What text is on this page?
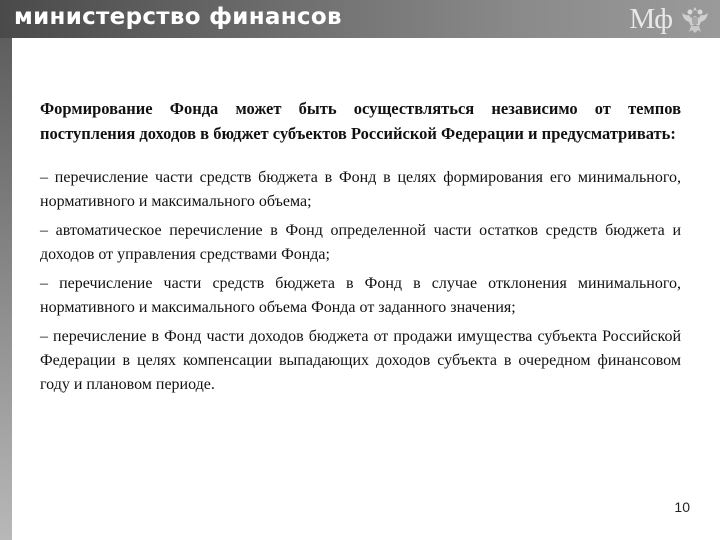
министерство финансов	Мф

Формирование Фонда может быть осуществляться независимо от темпов поступления доходов в бюджет субъектов Российской Федерации и предусматривать:

– перечисление части средств бюджета в Фонд в целях формирования его минимального, нормативного и максимального объема;

– автоматическое перечисление в Фонд определенной части остатков средств бюджета и доходов от управления средствами Фонда;

– перечисление части средств бюджета в Фонд в случае отклонения минимального, нормативного и максимального объема Фонда от заданного значения;

– перечисление в Фонд части доходов бюджета от продажи имущества субъекта Российской Федерации в целях компенсации выпадающих доходов субъекта в очередном финансовом году и плановом периоде.

10
